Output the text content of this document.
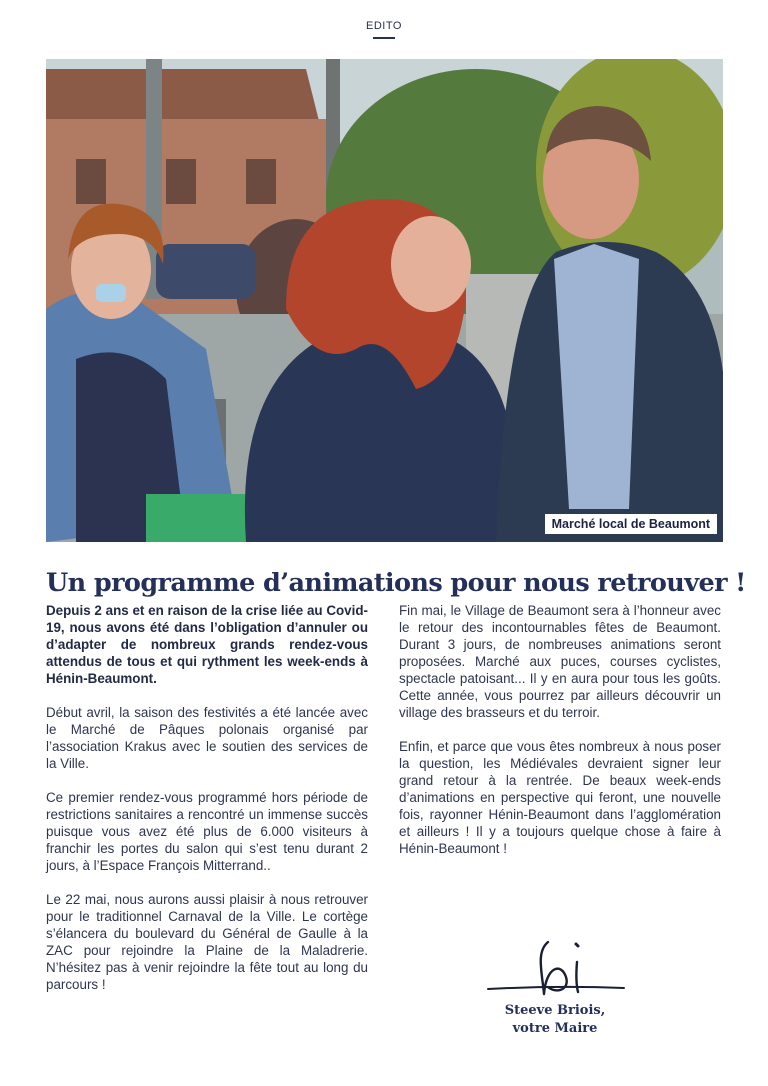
EDITO
Marché local de Beaumont
Un programme d’animations pour nous retrouver !

Depuis 2 ans et en raison de la crise liée au Covid-19, nous avons été dans l’obligation d’annuler ou d’adapter de nombreux grands rendez-vous attendus de tous et qui rythment les week-ends à Hénin-Beaumont.

Début avril, la saison des festivités a été lancée avec le Marché de Pâques polonais organisé par l’association Krakus avec le soutien des services de la Ville.

Ce premier rendez-vous programmé hors période de restrictions sanitaires a rencontré un immense succès puisque vous avez été plus de 6.000 visiteurs à franchir les portes du salon qui s’est tenu durant 2 jours, à l’Espace François Mitterrand..

Le 22 mai, nous aurons aussi plaisir à nous retrouver pour le traditionnel Carnaval de la Ville. Le cortège s’élancera du boulevard du Général de Gaulle à la ZAC pour rejoindre la Plaine de la Maladrerie. N’hésitez pas à venir rejoindre la fête tout au long du parcours !

Fin mai, le Village de Beaumont sera à l’honneur avec le retour des incontournables fêtes de Beaumont. Durant 3 jours, de nombreuses animations seront proposées. Marché aux puces, courses cyclistes, spectacle patoisant... Il y en aura pour tous les goûts. Cette année, vous pourrez par ailleurs découvrir un village des brasseurs et du terroir.

Enfin, et parce que vous êtes nombreux à nous poser la question, les Médiévales devraient signer leur grand retour à la rentrée. De beaux week-ends d’animations en perspective qui feront, une nouvelle fois, rayonner Hénin-Beaumont dans l’agglomération et ailleurs ! Il y a toujours quelque chose à faire à Hénin-Beaumont !

Steeve Briois,
votre Maire
